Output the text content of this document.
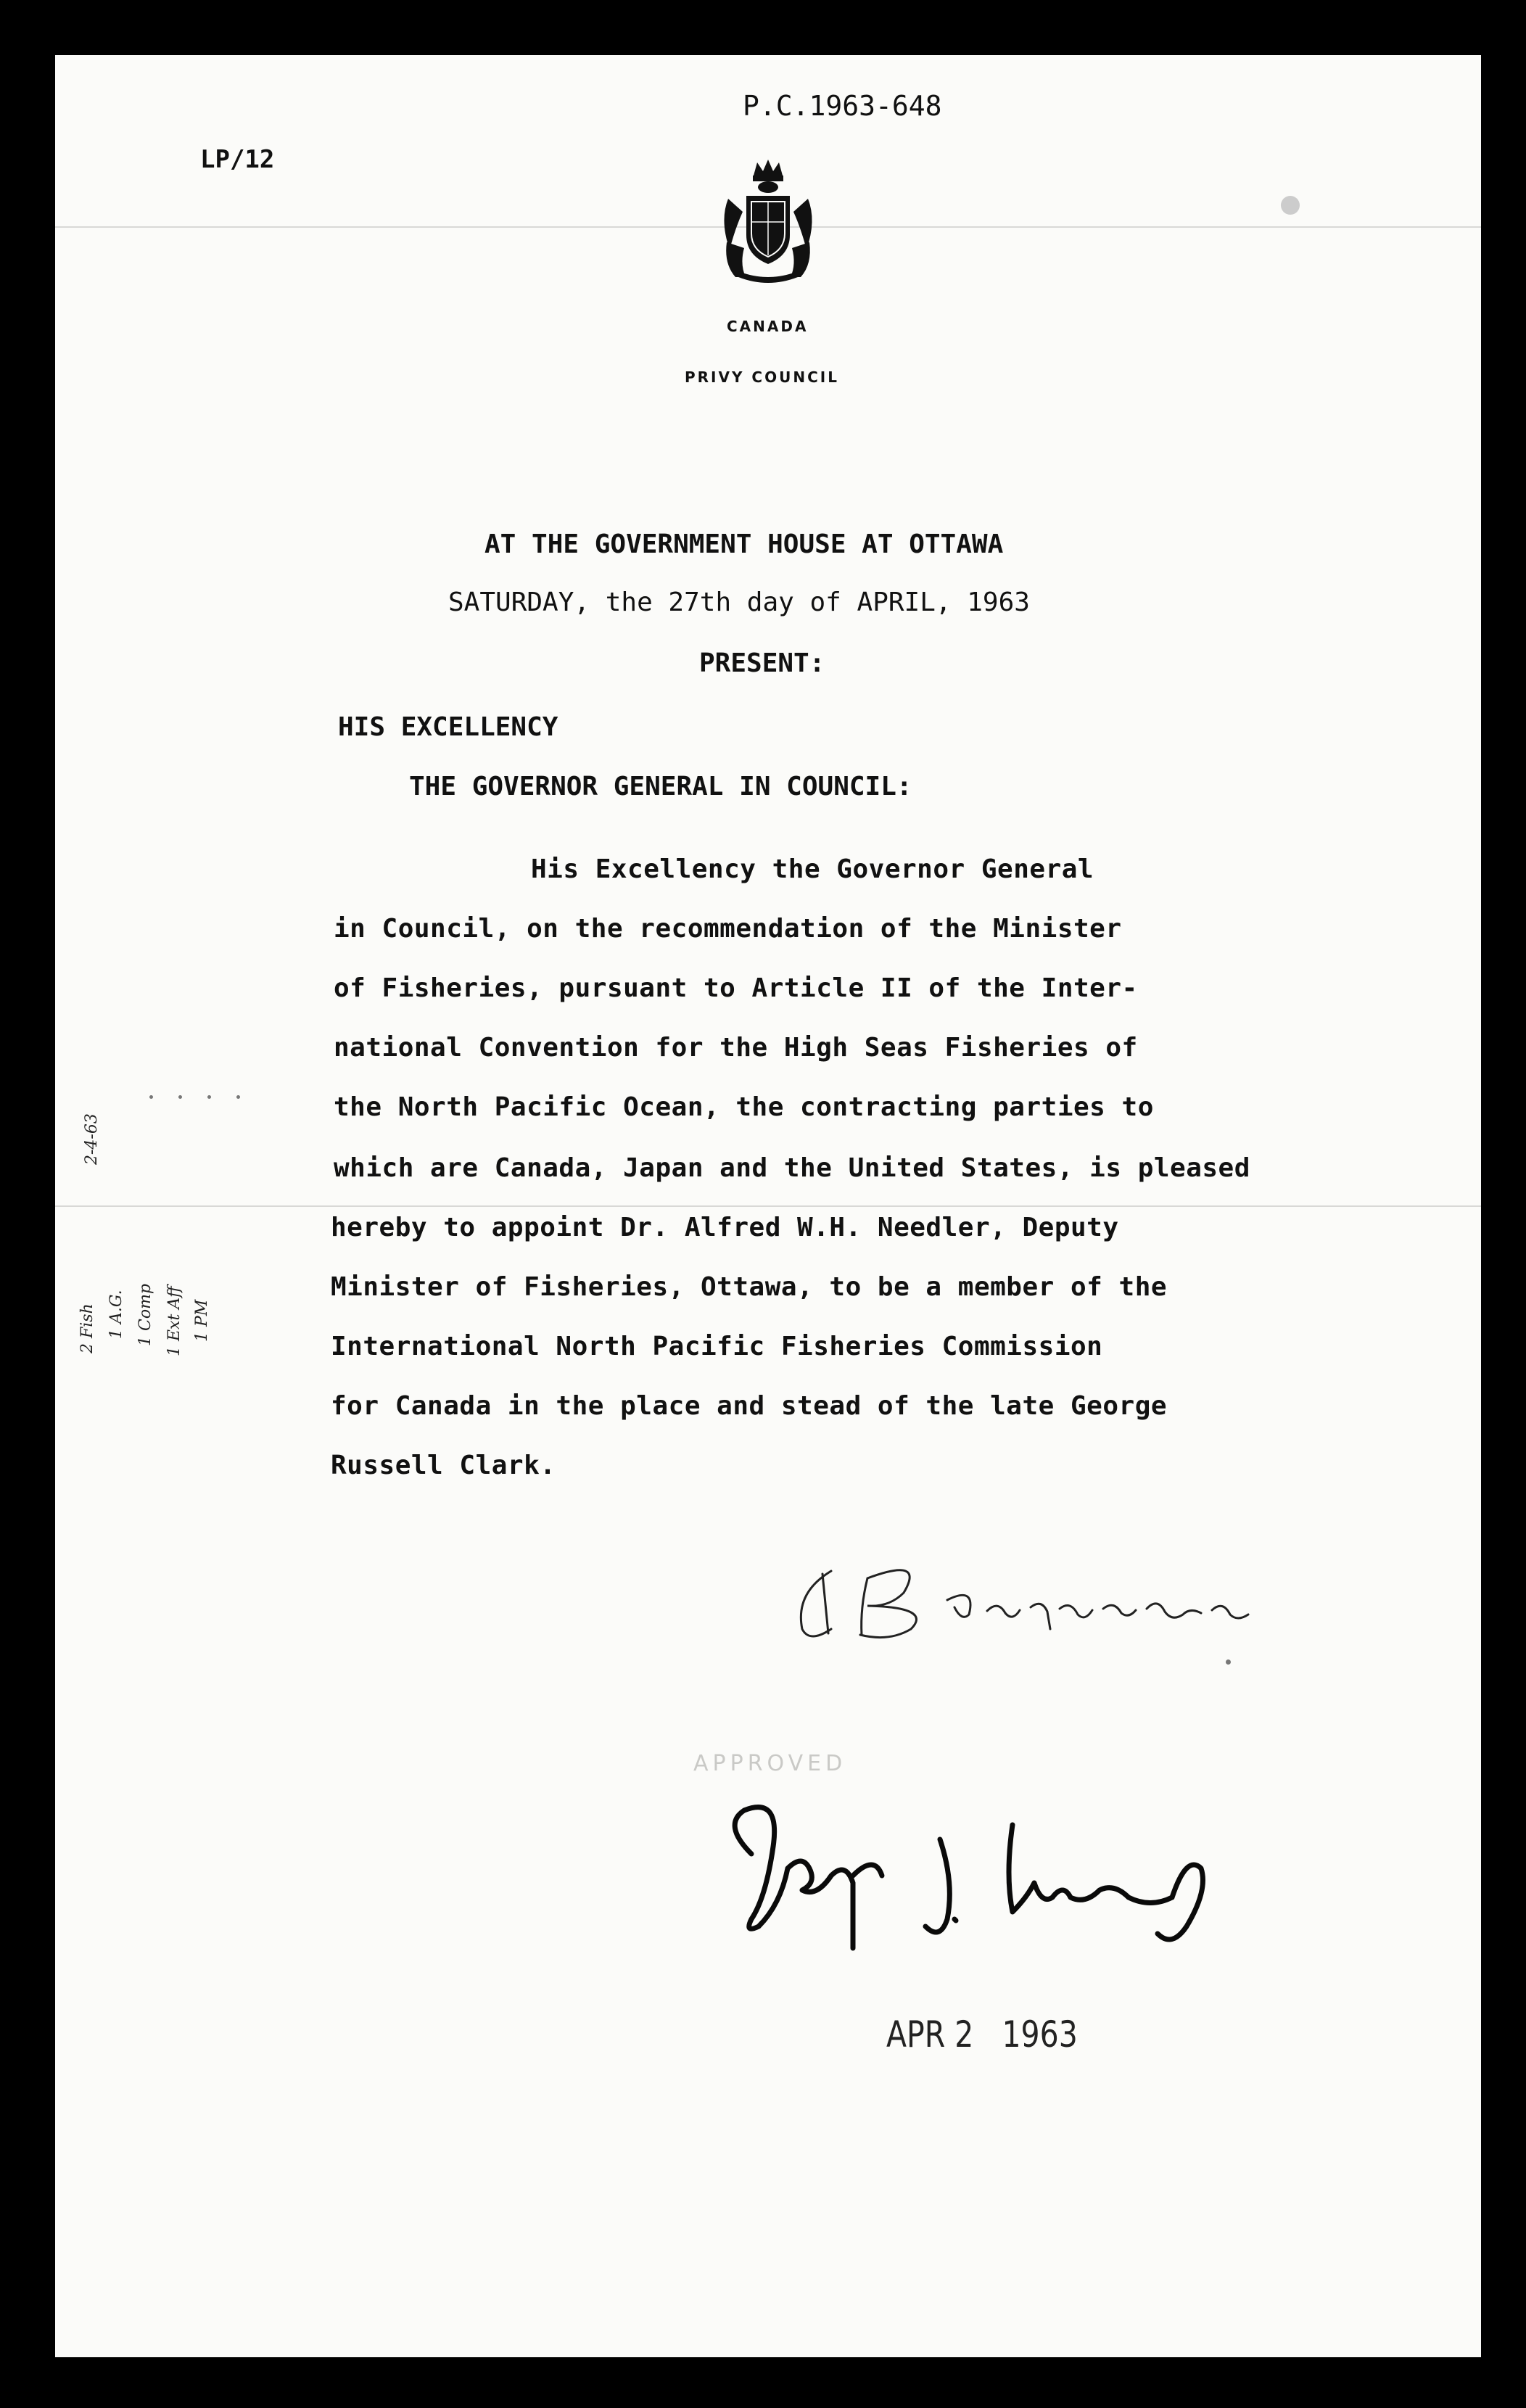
LP/12
P.C.1963-648
CANADA
PRIVY COUNCIL
AT THE GOVERNMENT HOUSE AT OTTAWA
SATURDAY, the 27th day of APRIL, 1963
PRESENT:
HIS EXCELLENCY
THE GOVERNOR GENERAL IN COUNCIL:
His Excellency the Governor General
in Council, on the recommendation of the Minister
of Fisheries, pursuant to Article II of the Inter-
national Convention for the High Seas Fisheries of
the North Pacific Ocean, the contracting parties to
which are Canada, Japan and the United States, is pleased
hereby to appoint Dr. Alfred W.H. Needler, Deputy
Minister of Fisheries, Ottawa, to be a member of the
International North Pacific Fisheries Commission
for Canada in the place and stead of the late George
Russell Clark.
APPROVED
APR 2   1963
2-4-63
2 Fish 1 A.G. 1 Comp 1 Ext Aff 1 PM
